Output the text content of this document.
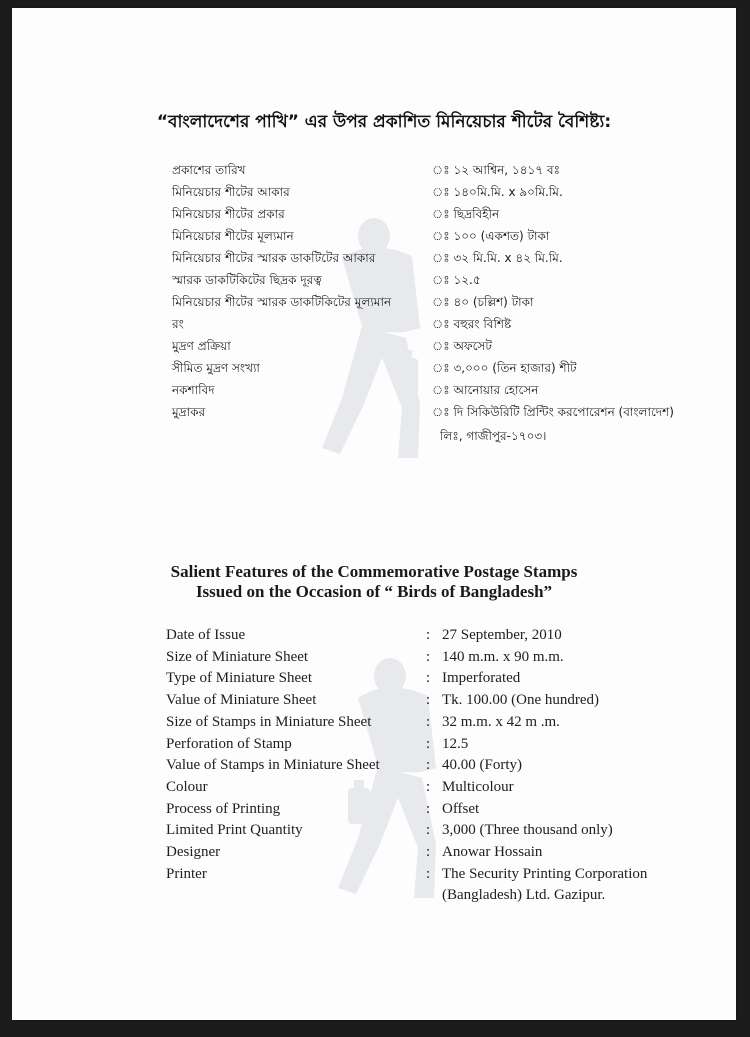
“বাংলাদেশের পাখি” এর উপর প্রকাশিত মিনিয়েচার শীটের বৈশিষ্ট্য:
প্রকাশের তারিখ	ঃ ১২ আশ্বিন, ১৪১৭ বঃ
মিনিয়েচার শীটের আকার	ঃ ১৪০মি.মি. x ৯০মি.মি.
মিনিয়েচার শীটের প্রকার	ঃ ছিদ্রবিহীন
মিনিয়েচার শীটের মূল্যমান	ঃ ১০০ (একশত) টাকা
মিনিয়েচার শীটের স্মারক ডাকটিটের আকার	ঃ ৩২ মি.মি. x ৪২ মি.মি.
স্মারক ডাকটিকিটের ছিদ্রক দূরত্ব	ঃ ১২.৫
মিনিয়েচার শীটের স্মারক ডাকটিকিটের মূল্যমান	ঃ ৪০ (চল্লিশ) টাকা
রং	ঃ বহুরং বিশিষ্ট
মুদ্রণ প্রক্রিয়া	ঃ অফসেট
সীমিত মুদ্রণ সংখ্যা	ঃ ৩,০০০ (তিন হাজার) শীট
নকশাবিদ	ঃ আনোয়ার হোসেন
মুদ্রাকর	ঃ দি সিকিউরিটি প্রিন্টিং করপোরেশন (বাংলাদেশ)
লিঃ, গাজীপুর-১৭০৩।
Salient Features of the Commemorative Postage Stamps
Issued on the Occasion of “ Birds of Bangladesh”
Date of Issue	: 27 September, 2010
Size of Miniature Sheet	: 140 m.m. x 90 m.m.
Type of Miniature Sheet	: Imperforated
Value of Miniature Sheet	: Tk. 100.00 (One hundred)
Size of Stamps in Miniature Sheet	: 32 m.m. x 42 m .m.
Perforation of Stamp	: 12.5
Value of Stamps in Miniature Sheet	: 40.00 (Forty)
Colour	: Multicolour
Process of Printing	: Offset
Limited Print Quantity	: 3,000 (Three thousand only)
Designer	: Anowar Hossain
Printer	: The Security Printing Corporation
(Bangladesh) Ltd. Gazipur.
